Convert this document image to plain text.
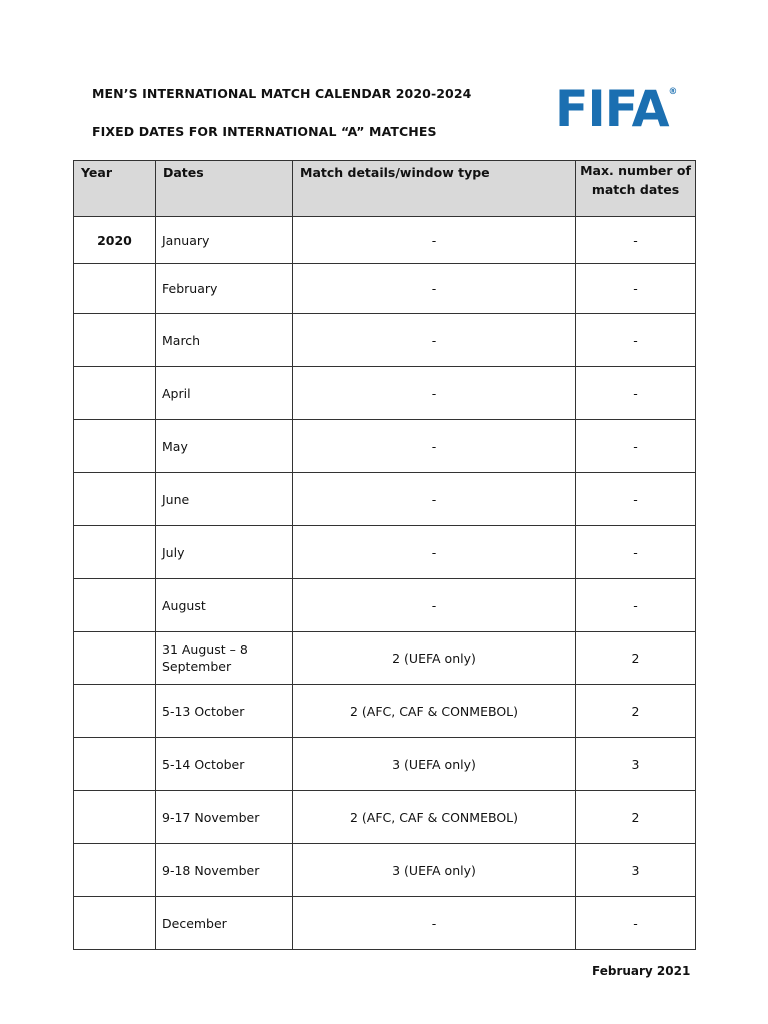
MEN’S INTERNATIONAL MATCH CALENDAR 2020-2024
FIXED DATES FOR INTERNATIONAL “A” MATCHES FIFA®
Year	Dates	Match details/window type	Max. number of match dates

2020	January	-	-
	February	-	-
	March	-	-
	April	-	-
	May	-	-
	June	-	-
	July	-	-
	August	-	-
	31 August – 8 September	2 (UEFA only)	2
	5-13 October	2 (AFC, CAF & CONMEBOL)	2
	5-14 October	3 (UEFA only)	3
	9-17 November	2 (AFC, CAF & CONMEBOL)	2
	9-18 November	3 (UEFA only)	3
	December	-	-
February 2021
